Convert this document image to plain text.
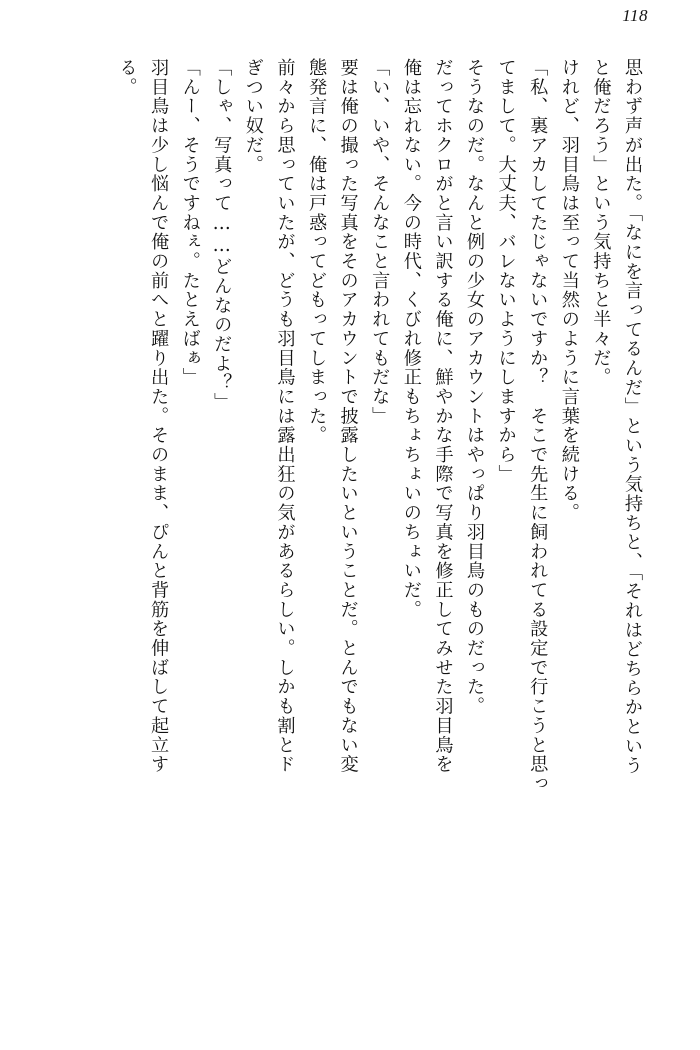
118
思わず声が出た。「なにを言ってるんだ」という気持ちと、「それはどちらかという
と俺だろう」という気持ちと半々だ。
けれど、羽目鳥は至って当然のように言葉を続ける。
「私、裏アカしてたじゃないですか？　そこで先生に飼われてる設定で行こうと思っ
てまして。大丈夫、バレないようにしますから」
そうなのだ。なんと例の少女のアカウントはやっぱり羽目鳥のものだった。
だってホクロがと言い訳する俺に、鮮やかな手際で写真を修正してみせた羽目鳥を
俺は忘れない。今の時代、くびれ修正もちょちょいのちょいだ。
「い、いや、そんなこと言われてもだな」
要は俺の撮った写真をそのアカウントで披露したいということだ。とんでもない変
態発言に、俺は戸惑ってどもってしまった。
前々から思っていたが、どうも羽目鳥には露出狂の気があるらしい。しかも割とド
ぎつい奴だ。
「しゃ、写真って……どんなのだよ？」
「んー、そうですねぇ。たとえばぁ」
羽目鳥は少し悩んで俺の前へと躍り出た。そのまま、ぴんと背筋を伸ばして起立す
る。
